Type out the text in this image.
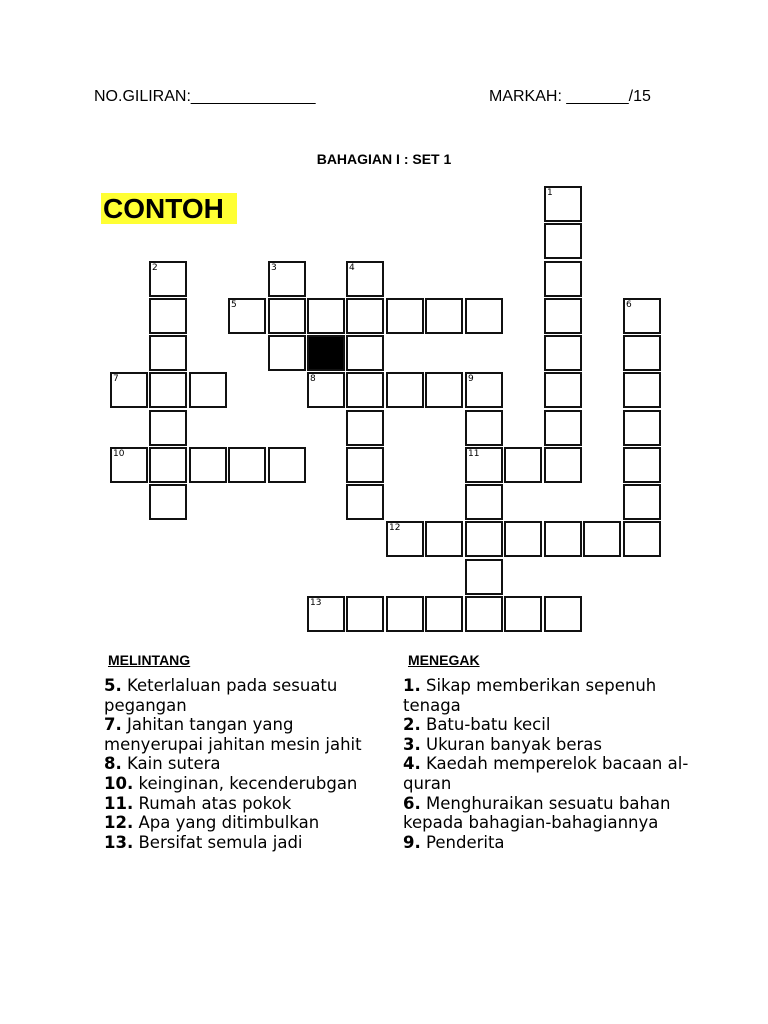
NO.GILIRAN:______________	MARKAH: _______/15
BAHAGIAN I : SET 1
CONTOH	1
2	3	4
5	6
7	8	9
11
10
12
13
MELINTANG	MENEGAK
5. Keterlaluan pada sesuatu pegangan
7. Jahitan tangan yang menyerupai jahitan mesin jahit
8. Kain sutera
10. keinginan, kecenderubgan
11. Rumah atas pokok
12. Apa yang ditimbulkan
13. Bersifat semula jadi
1. Sikap memberikan sepenuh tenaga
2. Batu-batu kecil
3. Ukuran banyak beras
4. Kaedah memperelok bacaan al-quran
6. Menghuraikan sesuatu bahan kepada bahagian-bahagiannya
9. Penderita
